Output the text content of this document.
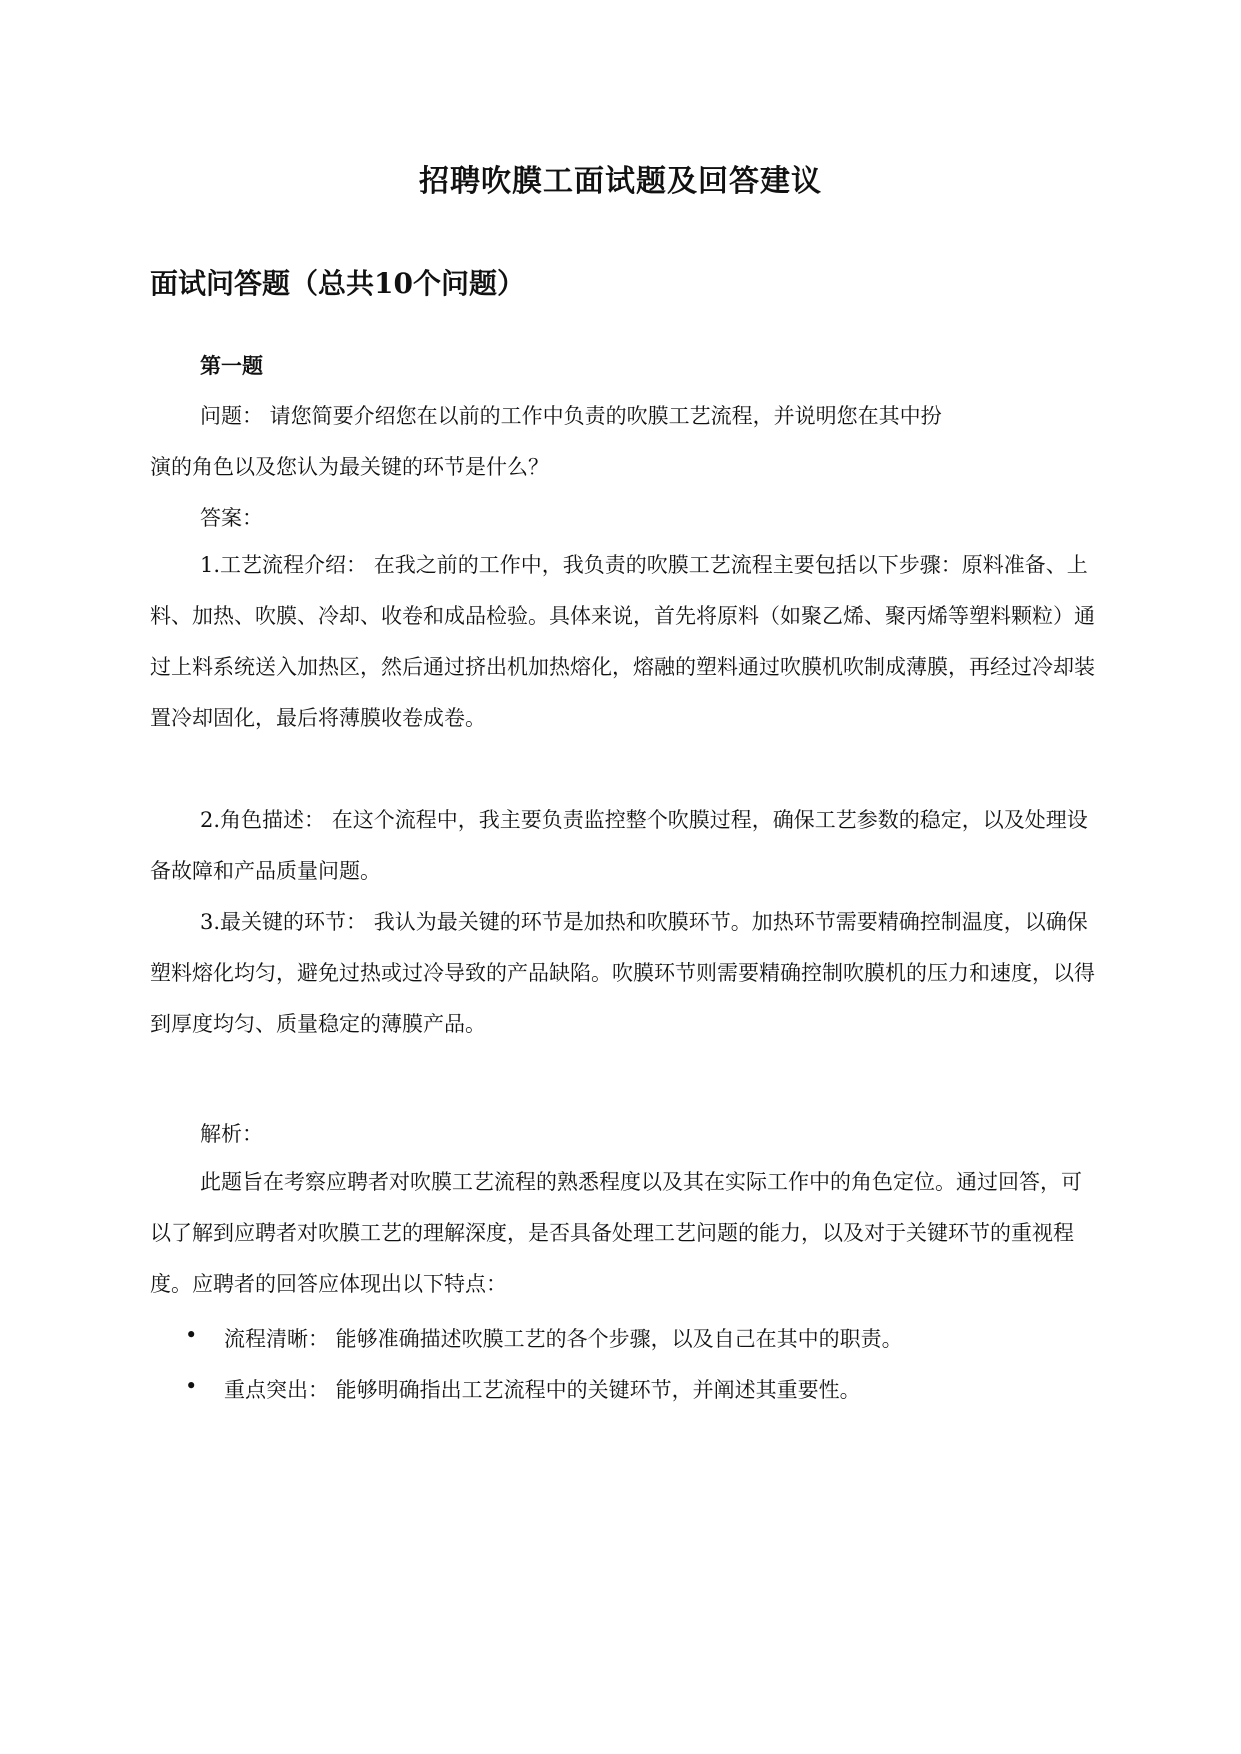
招聘吹膜工面试题及回答建议
面试问答题（总共10个问题）
第一题
问题： 请您简要介绍您在以前的工作中负责的吹膜工艺流程，并说明您在其中扮
演的角色以及您认为最关键的环节是什么？
答案：
1.工艺流程介绍： 在我之前的工作中，我负责的吹膜工艺流程主要包括以下步骤：原料准备、上料、加热、吹膜、冷却、收卷和成品检验。具体来说，首先将原料（如聚乙烯、聚丙烯等塑料颗粒）通过上料系统送入加热区，然后通过挤出机加热熔化，熔融的塑料通过吹膜机吹制成薄膜，再经过冷却装置冷却固化，最后将薄膜收卷成卷。
2.角色描述： 在这个流程中，我主要负责监控整个吹膜过程，确保工艺参数的稳定，以及处理设备故障和产品质量问题。
3.最关键的环节： 我认为最关键的环节是加热和吹膜环节。加热环节需要精确控制温度，以确保塑料熔化均匀，避免过热或过冷导致的产品缺陷。吹膜环节则需要精确控制吹膜机的压力和速度，以得到厚度均匀、质量稳定的薄膜产品。
解析：
此题旨在考察应聘者对吹膜工艺流程的熟悉程度以及其在实际工作中的角色定位。通过回答，可以了解到应聘者对吹膜工艺的理解深度，是否具备处理工艺问题的能力，以及对于关键环节的重视程度。应聘者的回答应体现出以下特点：
• 流程清晰： 能够准确描述吹膜工艺的各个步骤，以及自己在其中的职责。
• 重点突出： 能够明确指出工艺流程中的关键环节，并阐述其重要性。
